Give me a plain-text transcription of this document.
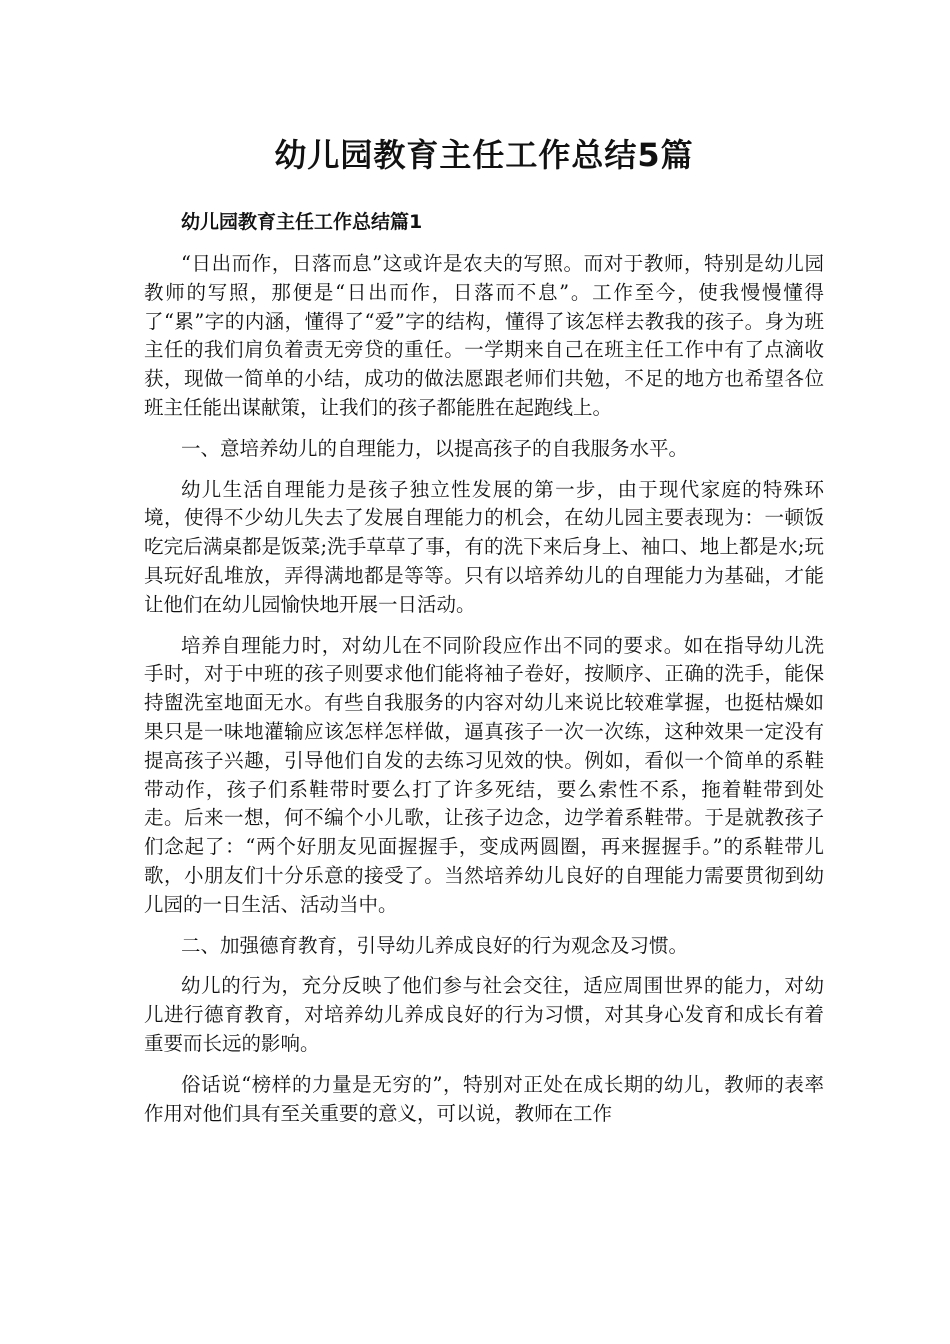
幼儿园教育主任工作总结5篇
幼儿园教育主任工作总结篇1

“日出而作，日落而息”这或许是农夫的写照。而对于教师，特别是幼儿园教师的写照，那便是“日出而作，日落而不息”。工作至今，使我慢慢懂得了“累”字的内涵，懂得了“爱”字的结构，懂得了该怎样去教我的孩子。身为班主任的我们肩负着责无旁贷的重任。一学期来自己在班主任工作中有了点滴收获，现做一简单的小结，成功的做法愿跟老师们共勉，不足的地方也希望各位班主任能出谋献策，让我们的孩子都能胜在起跑线上。

一、意培养幼儿的自理能力，以提高孩子的自我服务水平。

幼儿生活自理能力是孩子独立性发展的第一步，由于现代家庭的特殊环境，使得不少幼儿失去了发展自理能力的机会，在幼儿园主要表现为：一顿饭吃完后满桌都是饭菜;洗手草草了事，有的洗下来后身上、袖口、地上都是水;玩具玩好乱堆放，弄得满地都是等等。只有以培养幼儿的自理能力为基础，才能让他们在幼儿园愉快地开展一日活动。

培养自理能力时，对幼儿在不同阶段应作出不同的要求。如在指导幼儿洗手时，对于中班的孩子则要求他们能将袖子卷好，按顺序、正确的洗手，能保持盥洗室地面无水。有些自我服务的内容对幼儿来说比较难掌握，也挺枯燥如果只是一味地灌输应该怎样怎样做，逼真孩子一次一次练，这种效果一定没有提高孩子兴趣，引导他们自发的去练习见效的快。例如，看似一个简单的系鞋带动作，孩子们系鞋带时要么打了许多死结，要么索性不系，拖着鞋带到处走。后来一想，何不编个小儿歌，让孩子边念，边学着系鞋带。于是就教孩子们念起了：“两个好朋友见面握握手，变成两圆圈，再来握握手。”的系鞋带儿歌，小朋友们十分乐意的接受了。当然培养幼儿良好的自理能力需要贯彻到幼儿园的一日生活、活动当中。

二、加强德育教育，引导幼儿养成良好的行为观念及习惯。

幼儿的行为，充分反映了他们参与社会交往，适应周围世界的能力，对幼儿进行德育教育，对培养幼儿养成良好的行为习惯，对其身心发育和成长有着重要而长远的影响。

俗话说“榜样的力量是无穷的”，特别对正处在成长期的幼儿，教师的表率作用对他们具有至关重要的意义，可以说，教师在工作
